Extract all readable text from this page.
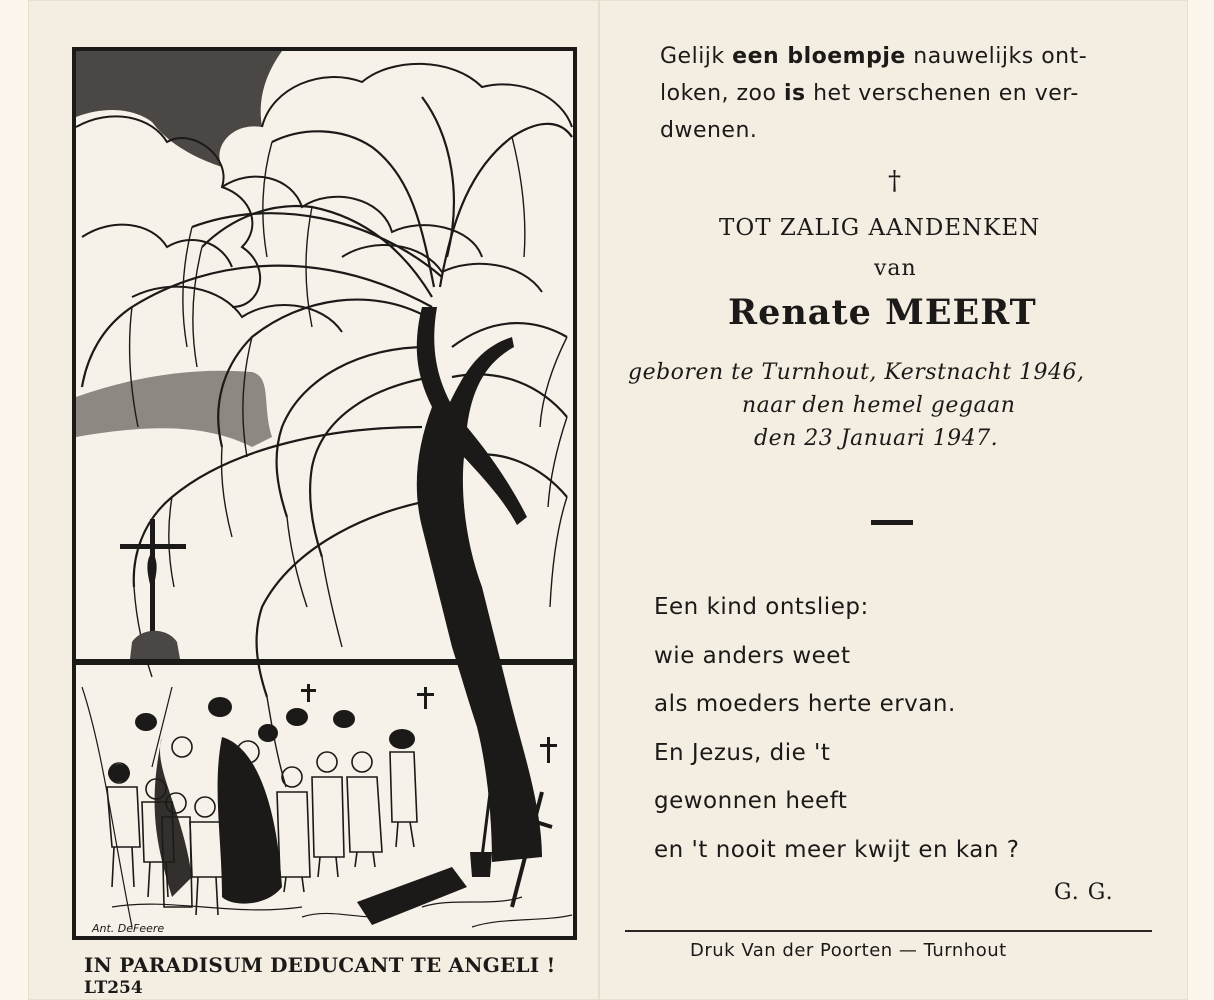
Ant. DeFeere
IN PARADISUM DEDUCANT TE ANGELI !
LT254
Gelijk een bloempje nauwelijks ont-
loken, zoo is het verschenen en ver-
dwenen.
†
TOT ZALIG AANDENKEN
van
Renate MEERT
geboren te Turnhout, Kerstnacht 1946,
naar den hemel gegaan
den 23 Januari 1947.
Een kind ontsliep:
wie anders weet
als moeders herte ervan.
En Jezus, die 't
gewonnen heeft
en 't nooit meer kwijt en kan ?
G. G.
Druk Van der Poorten — Turnhout
